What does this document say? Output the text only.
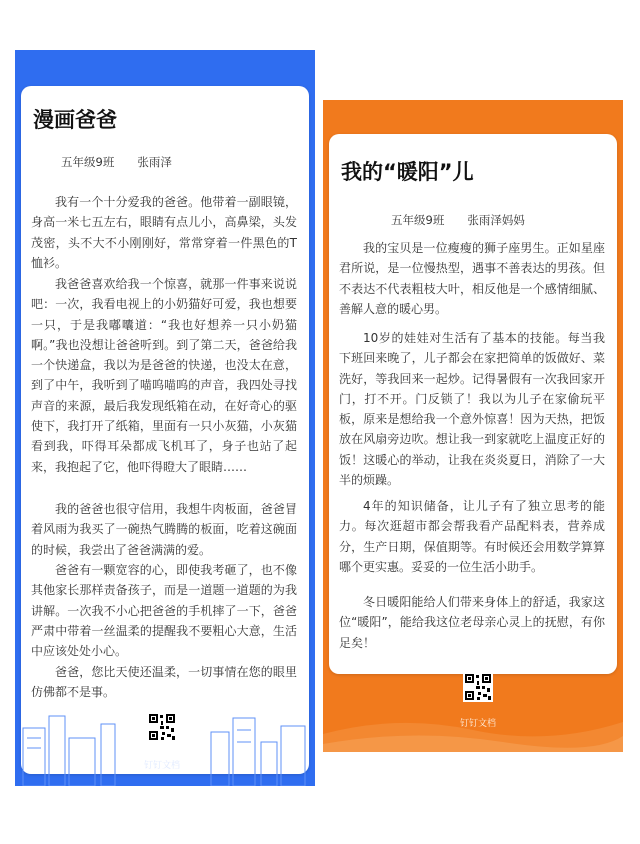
漫画爸爸
五年级9班　　张雨泽

我有一个十分爱我的爸爸。他带着一副眼镜，身高一米七五左右，眼睛有点儿小，高鼻梁，头发茂密，头不大不小刚刚好，常常穿着一件黑色的T恤衫。

我爸爸喜欢给我一个惊喜，就那一件事来说说吧：一次，我看电视上的小奶猫好可爱，我也想要一只，于是我嘟囔道：“我也好想养一只小奶猫啊。”我也没想让爸爸听到。到了第二天，爸爸给我一个快递盒，我以为是爸爸的快递，也没太在意，到了中午，我听到了喵呜喵呜的声音，我四处寻找声音的来源，最后我发现纸箱在动，在好奇心的驱使下，我打开了纸箱，里面有一只小灰猫，小灰猫看到我，吓得耳朵都成飞机耳了，身子也站了起来，我抱起了它，他吓得瞪大了眼睛……

我的爸爸也很守信用，我想牛肉板面，爸爸冒着风雨为我买了一碗热气腾腾的板面，吃着这碗面的时候，我尝出了爸爸满满的爱。

爸爸有一颗宽容的心，即使我考砸了，也不像其他家长那样责备孩子，而是一道题一道题的为我讲解。一次我不小心把爸爸的手机摔了一下，爸爸严肃中带着一丝温柔的提醒我不要粗心大意，生活中应该处处小心。

爸爸，您比天使还温柔，一切事情在您的眼里仿佛都不是事。

钉钉文档
我的“暖阳”儿
五年级9班　　张雨泽妈妈

我的宝贝是一位瘦瘦的狮子座男生。正如星座君所说，是一位慢热型，遇事不善表达的男孩。但不表达不代表粗枝大叶，相反他是一个感情细腻、善解人意的暖心男。

10岁的娃娃对生活有了基本的技能。每当我下班回来晚了，儿子都会在家把简单的饭做好、菜洗好，等我回来一起炒。记得暑假有一次我回家开门，打不开。门反锁了！我以为儿子在家偷玩平板，原来是想给我一个意外惊喜！因为天热，把饭放在风扇旁边吹。想让我一到家就吃上温度正好的饭！这暖心的举动，让我在炎炎夏日，消除了一大半的烦躁。

4年的知识储备，让儿子有了独立思考的能力。每次逛超市都会帮我看产品配料表，营养成分，生产日期，保值期等。有时候还会用数学算算哪个更实惠。妥妥的一位生活小助手。

冬日暖阳能给人们带来身体上的舒适，我家这位“暖阳”，能给我这位老母亲心灵上的抚慰，有你足矣！

钉钉文档
